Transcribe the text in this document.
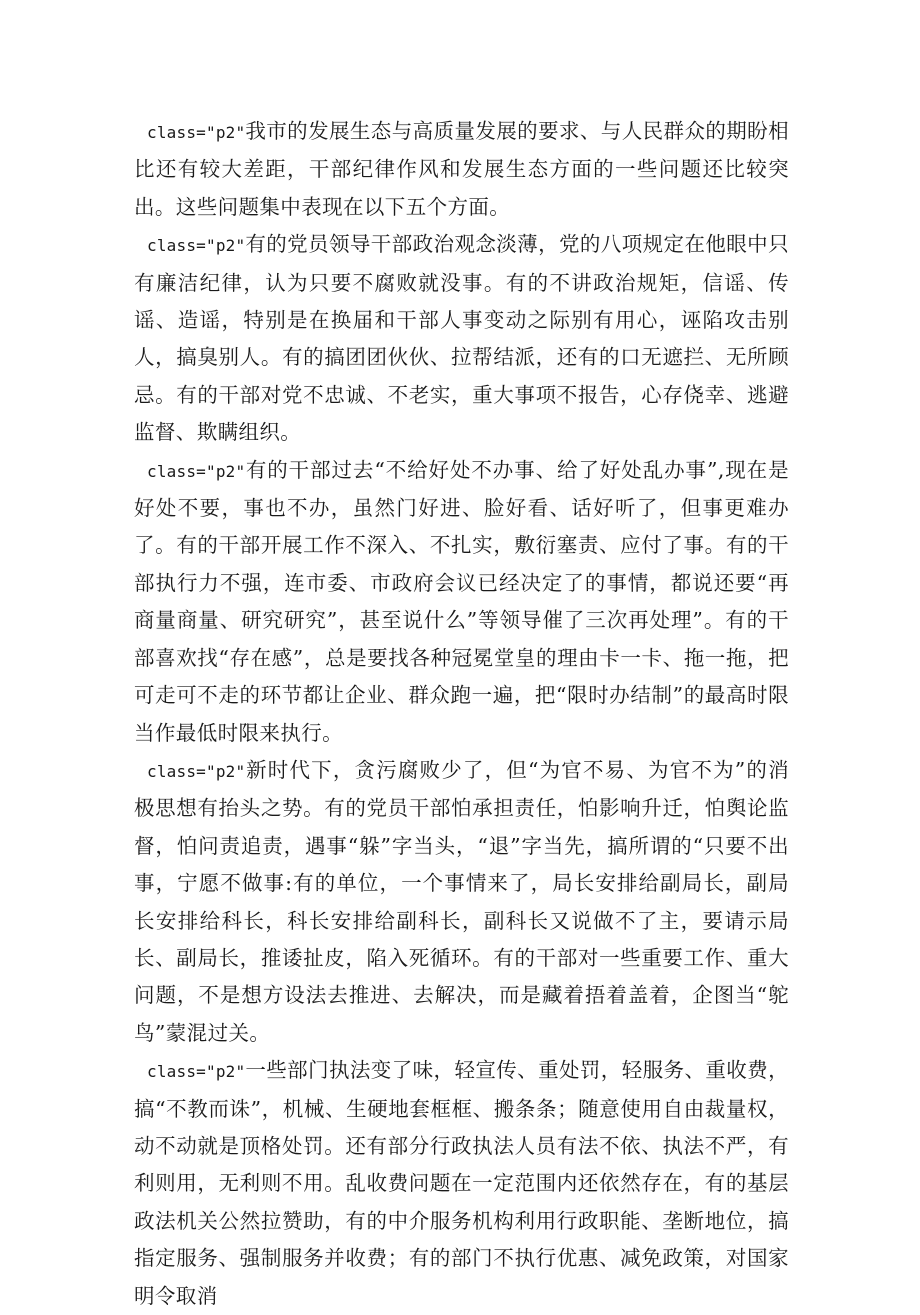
class="p2"我市的发展生态与高质量发展的要求、与人民群众的期盼相比还有较大差距，干部纪律作风和发展生态方面的一些问题还比较突出。这些问题集中表现在以下五个方面。

class="p2"有的党员领导干部政治观念淡薄，党的八项规定在他眼中只有廉洁纪律，认为只要不腐败就没事。有的不讲政治规矩，信谣、传谣、造谣，特别是在换届和干部人事变动之际别有用心，诬陷攻击别人，搞臭别人。有的搞团团伙伙、拉帮结派，还有的口无遮拦、无所顾忌。有的干部对党不忠诚、不老实，重大事项不报告，心存侥幸、逃避监督、欺瞒组织。

class="p2"有的干部过去“不给好处不办事、给了好处乱办事”,现在是好处不要，事也不办，虽然门好进、脸好看、话好听了，但事更难办了。有的干部开展工作不深入、不扎实，敷衍塞责、应付了事。有的干部执行力不强，连市委、市政府会议已经决定了的事情，都说还要“再商量商量、研究研究”，甚至说什么”等领导催了三次再处理”。有的干部喜欢找“存在感”，总是要找各种冠冕堂皇的理由卡一卡、拖一拖，把可走可不走的环节都让企业、群众跑一遍，把“限时办结制”的最高时限当作最低时限来执行。

class="p2"新时代下，贪污腐败少了，但“为官不易、为官不为”的消极思想有抬头之势。有的党员干部怕承担责任，怕影响升迁，怕舆论监督，怕问责追责，遇事“躲”字当头，“退”字当先，搞所谓的“只要不出事，宁愿不做事:有的单位，一个事情来了，局长安排给副局长，副局长安排给科长，科长安排给副科长，副科长又说做不了主，要请示局长、副局长，推诿扯皮，陷入死循环。有的干部对一些重要工作、重大问题，不是想方设法去推进、去解决，而是藏着捂着盖着，企图当“鸵鸟”蒙混过关。

class="p2"一些部门执法变了味，轻宣传、重处罚，轻服务、重收费，搞“不教而诛”，机械、生硬地套框框、搬条条；随意使用自由裁量权，动不动就是顶格处罚。还有部分行政执法人员有法不依、执法不严，有利则用，无利则不用。乱收费问题在一定范围内还依然存在，有的基层政法机关公然拉赞助，有的中介服务机构利用行政职能、垄断地位，搞指定服务、强制服务并收费；有的部门不执行优惠、减免政策，对国家明令取消
